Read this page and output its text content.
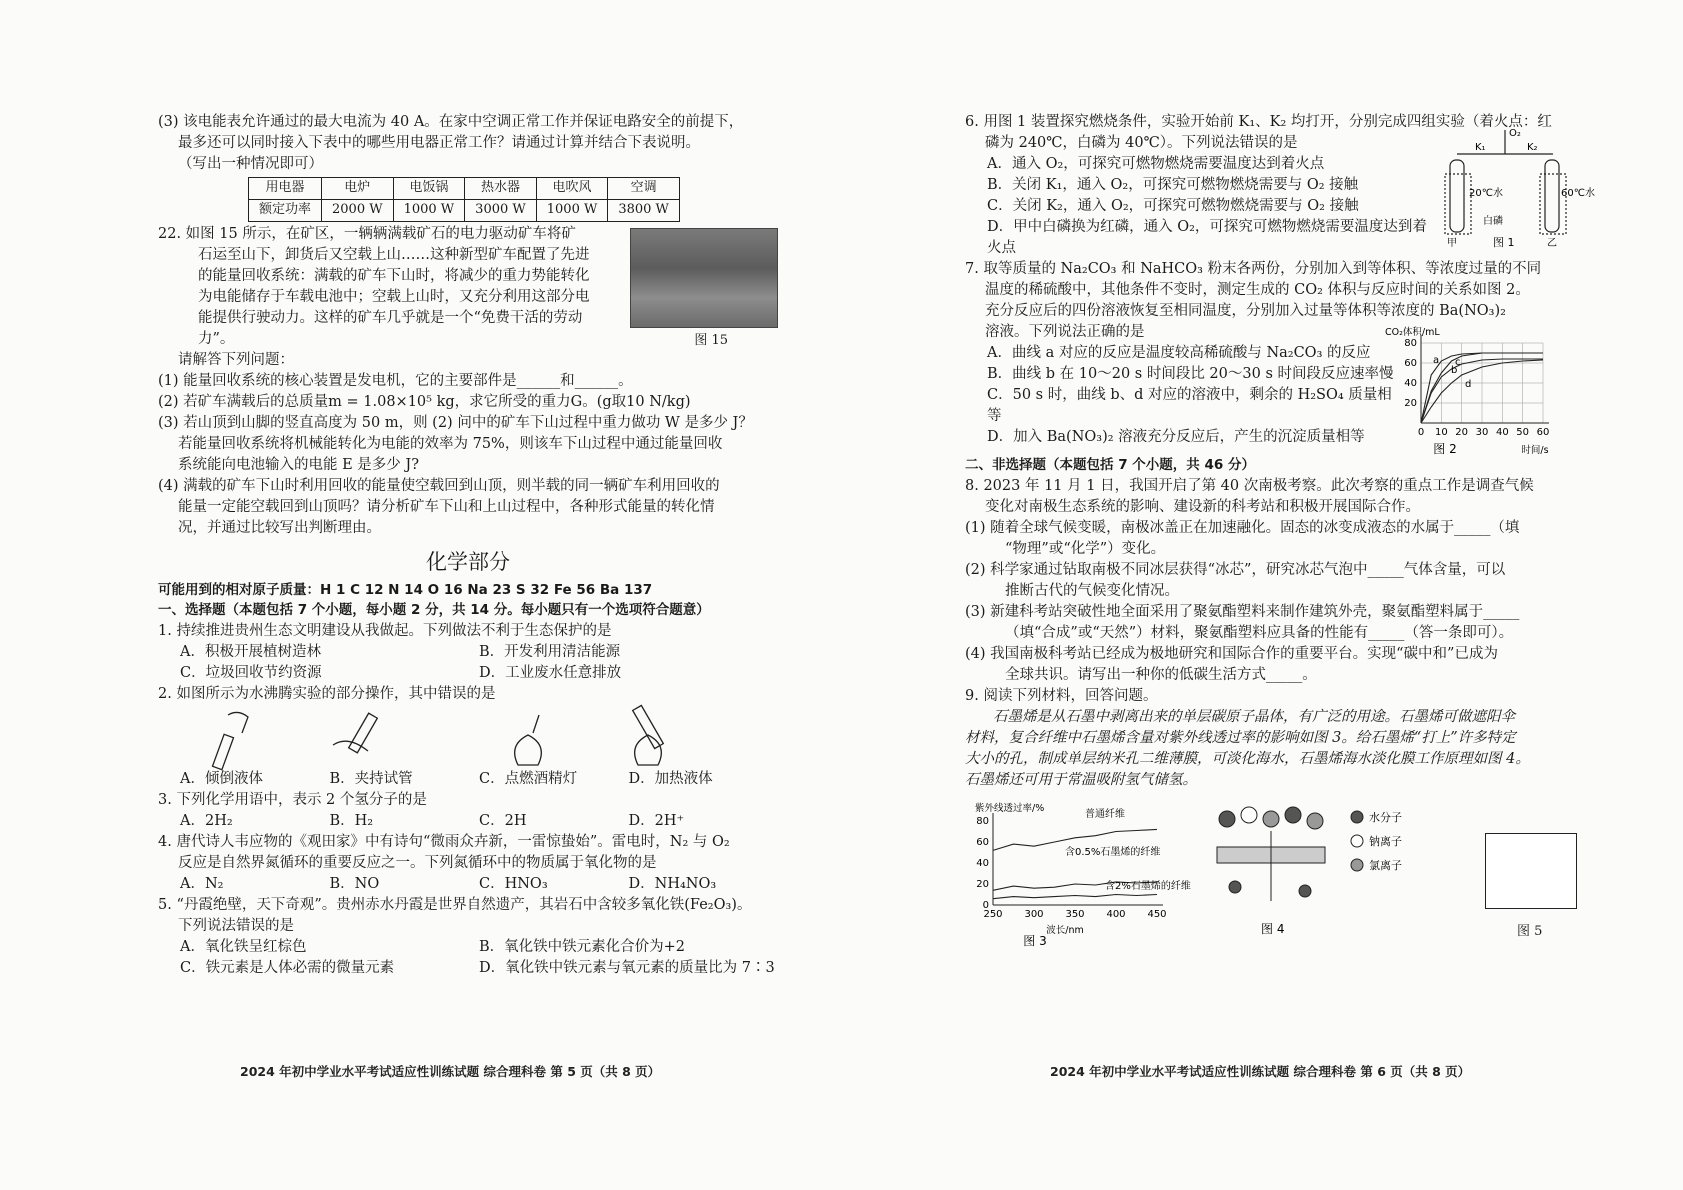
(3) 该电能表允许通过的最大电流为 40 A。在家中空调正常工作并保证电路安全的前提下，

最多还可以同时接入下表中的哪些用电器正常工作？请通过计算并结合下表说明。

（写出一种情况即可）

用电器	电炉	电饭锅	热水器	电吹风	空调
额定功率	2000 W	1000 W	3000 W	1000 W	3800 W
图 15

22. 如图 15 所示，在矿区，一辆辆满载矿石的电力驱动矿车将矿

石运至山下，卸货后又空载上山……这种新型矿车配置了先进

的能量回收系统：满载的矿车下山时，将减少的重力势能转化

为电能储存于车载电池中；空载上山时，又充分利用这部分电

能提供行驶动力。这样的矿车几乎就是一个“免费干活的劳动

力”。

请解答下列问题：

(1) 能量回收系统的核心装置是发电机，它的主要部件是______和______。

(2) 若矿车满载后的总质量m = 1.08×10⁵ kg，求它所受的重力G。(g取10 N/kg)

(3) 若山顶到山脚的竖直高度为 50 m，则 (2) 问中的矿车下山过程中重力做功 W 是多少 J？

若能量回收系统将机械能转化为电能的效率为 75%，则该车下山过程中通过能量回收

系统能向电池输入的电能 E 是多少 J?

(4) 满载的矿车下山时利用回收的能量使空载回到山顶，则半载的同一辆矿车利用回收的

能量一定能空载回到山顶吗？请分析矿车下山和上山过程中，各种形式能量的转化情

况，并通过比较写出判断理由。

化学部分

可能用到的相对原子质量：H 1 C 12 N 14 O 16 Na 23 S 32 Fe 56 Ba 137

一、选择题（本题包括 7 个小题，每小题 2 分，共 14 分。每小题只有一个选项符合题意）

1. 持续推进贵州生态文明建设从我做起。下列做法不利于生态保护的是

A．积极开展植树造林	B．开发利用清洁能源
C．垃圾回收节约资源	D．工业废水任意排放

2. 如图所示为水沸腾实验的部分操作，其中错误的是

A．倾倒液体	B．夹持试管	C．点燃酒精灯	D．加热液体

3. 下列化学用语中，表示 2 个氢分子的是

A．2H₂	B．H₂	C．2H	D．2H⁺

4. 唐代诗人韦应物的《观田家》中有诗句“微雨众卉新，一雷惊蛰始”。雷电时，N₂ 与 O₂

反应是自然界氮循环的重要反应之一。下列氮循环中的物质属于氧化物的是

A．N₂	B．NO	C．HNO₃	D．NH₄NO₃

5. “丹霞绝壁，天下奇观”。贵州赤水丹霞是世界自然遗产，其岩石中含较多氧化铁(Fe₂O₃)。

下列说法错误的是

A．氧化铁呈红棕色	B．氧化铁中铁元素化合价为+2
C．铁元素是人体必需的微量元素	D．氧化铁中铁元素与氧元素的质量比为 7∶3
2024 年初中学业水平考试适应性训练试题 综合理科卷 第 5 页（共 8 页）

6. 用图 1 装置探究燃烧条件，实验开始前 K₁、K₂ 均打开，分别完成四组实验（着火点：红

磷为 240℃，白磷为 40℃）。下列说法错误的是

A．通入 O₂，可探究可燃物燃烧需要温度达到着火点

B．关闭 K₁，通入 O₂，可探究可燃物燃烧需要与 O₂ 接触

C．关闭 K₂，通入 O₂，可探究可燃物燃烧需要与 O₂ 接触

D．甲中白磷换为红磷，通入 O₂，可探究可燃物燃烧需要温度达到着火点

K₁	K₂
O₂
20℃水	60℃水
白磷
甲	乙
图 1

7. 取等质量的 Na₂CO₃ 和 NaHCO₃ 粉末各两份，分别加入到等体积、等浓度过量的不同

温度的稀硫酸中，其他条件不变时，测定生成的 CO₂ 体积与反应时间的关系如图 2。

充分反应后的四份溶液恢复至相同温度，分别加入过量等体积等浓度的 Ba(NO₃)₂

溶液。下列说法正确的是

A．曲线 a 对应的反应是温度较高稀硫酸与 Na₂CO₃ 的反应

B．曲线 b 在 10～20 s 时间段比 20～30 s 时间段反应速率慢

C．50 s 时，曲线 b、d 对应的溶液中，剩余的 H₂SO₄ 质量相等

D．加入 Ba(NO₃)₂ 溶液充分反应后，产生的沉淀质量相等	0 10 20 30 40 50 60
20
40
60
80
CO₂体积/mL
时间/s
图 2
a
b
c
d

二、非选择题（本题包括 7 个小题，共 46 分）

8. 2023 年 11 月 1 日，我国开启了第 40 次南极考察。此次考察的重点工作是调查气候

变化对南极生态系统的影响、建设新的科考站和积极开展国际合作。

(1) 随着全球气候变暖，南极冰盖正在加速融化。固态的冰变成液态的水属于_____（填

“物理”或“化学”）变化。

(2) 科学家通过钻取南极不同冰层获得“冰芯”，研究冰芯气泡中_____气体含量，可以

推断古代的气候变化情况。

(3) 新建科考站突破性地全面采用了聚氨酯塑料来制作建筑外壳，聚氨酯塑料属于_____

（填“合成”或“天然”）材料，聚氨酯塑料应具备的性能有_____（答一条即可）。

(4) 我国南极科考站已经成为极地研究和国际合作的重要平台。实现“碳中和”已成为

全球共识。请写出一种你的低碳生活方式_____。

9. 阅读下列材料，回答问题。

石墨烯是从石墨中剥离出来的单层碳原子晶体，有广泛的用途。石墨烯可做遮阳伞

材料，复合纤维中石墨烯含量对紫外线透过率的影响如图 3。给石墨烯“打上”许多特定

大小的孔，制成单层纳米孔二维薄膜，可淡化海水，石墨烯海水淡化膜工作原理如图 4。

石墨烯还可用于常温吸附氢气储氢。

250 300 350 400 450
0
20
40
60
80
紫外线透过率/%
波长/nm
图 3
普通纤维
含0.5%石墨烯的纤维
含2%石墨烯的纤维
水分子
钠离子
氯离子
图 4	图 5
2024 年初中学业水平考试适应性训练试题 综合理科卷 第 6 页（共 8 页）
